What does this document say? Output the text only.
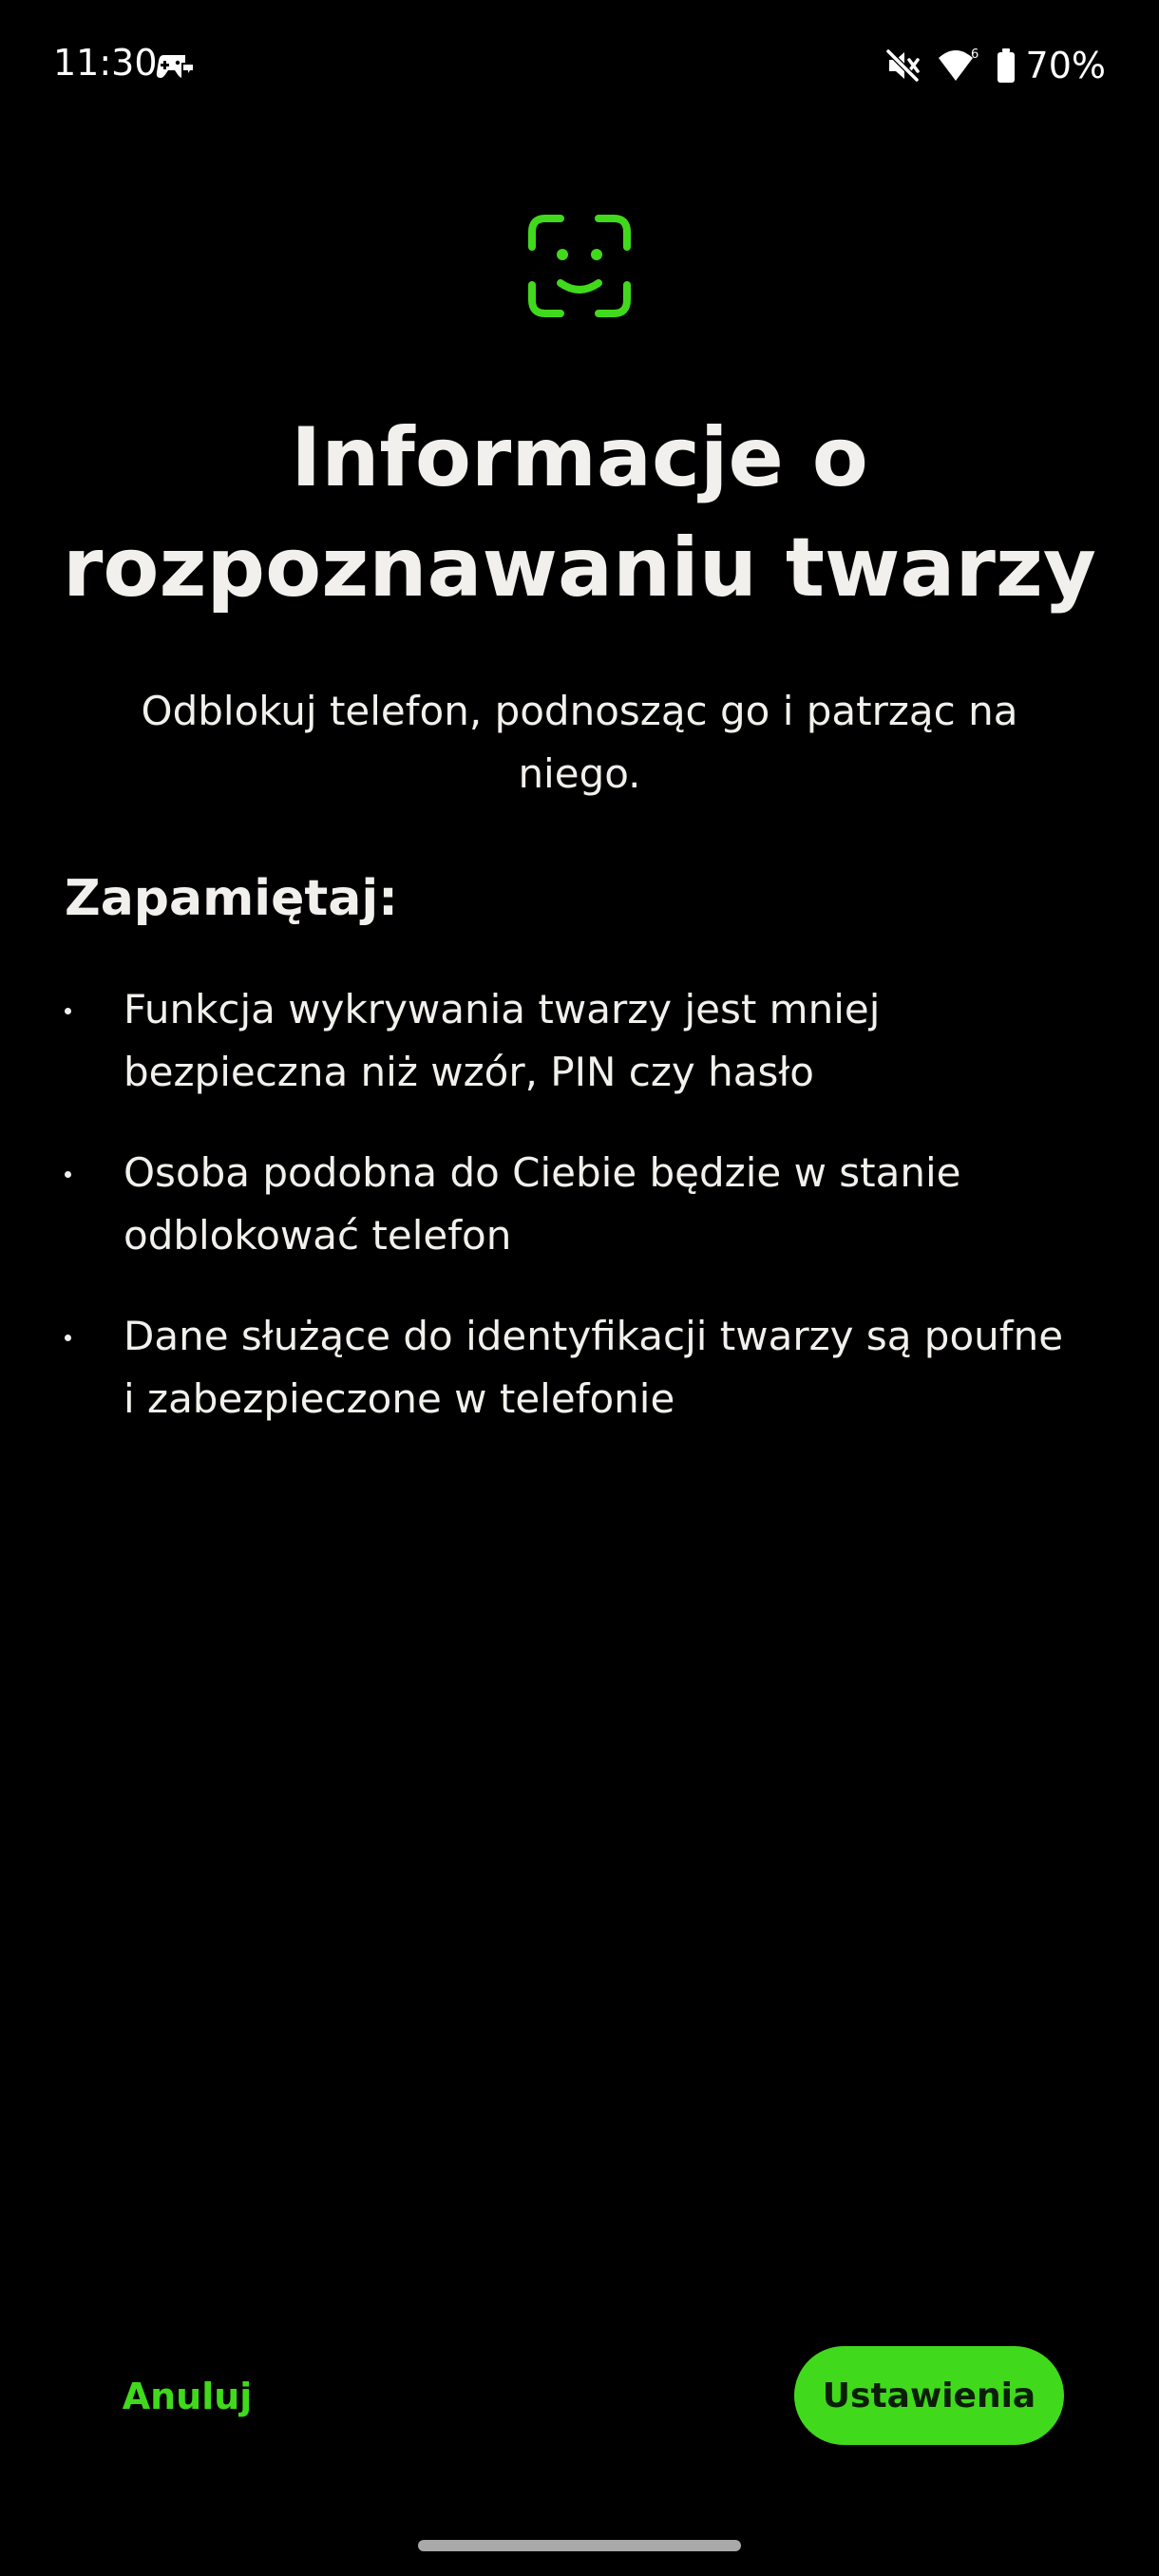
11:30	6 70%
Informacje o rozpoznawaniu twarzy

Odblokuj telefon, podnosząc go i patrząc na niego.

Zapamiętaj:
Funkcja wykrywania twarzy jest mniej bezpieczna niż wzór, PIN czy hasło
Osoba podobna do Ciebie będzie w stanie odblokować telefon
Dane służące do identyfikacji twarzy są poufne i zabezpieczone w telefonie
Anuluj	Ustawienia
